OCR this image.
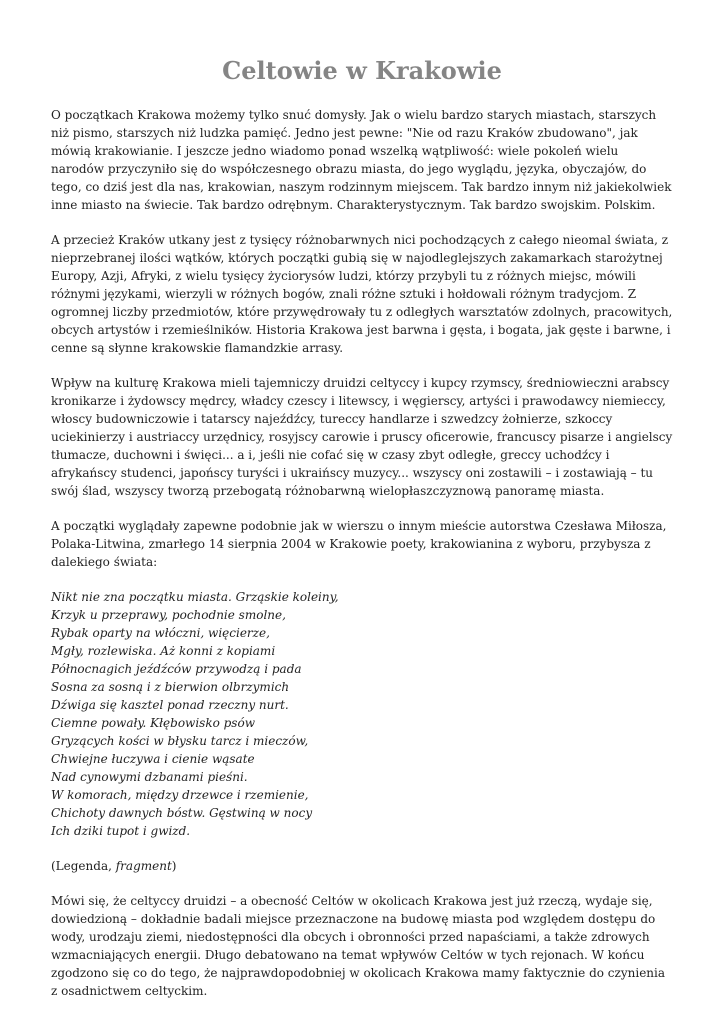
Celtowie w Krakowie

O początkach Krakowa możemy tylko snuć domysły. Jak o wielu bardzo starych miastach, starszych niż pismo, starszych niż ludzka pamięć. Jedno jest pewne: "Nie od razu Kraków zbudowano", jak mówią krakowianie. I jeszcze jedno wiadomo ponad wszelką wątpliwość: wiele pokoleń wielu narodów przyczyniło się do współczesnego obrazu miasta, do jego wyglądu, języka, obyczajów, do tego, co dziś jest dla nas, krakowian, naszym rodzinnym miejscem. Tak bardzo innym niż jakiekolwiek inne miasto na świecie. Tak bardzo odrębnym. Charakterystycznym. Tak bardzo swojskim. Polskim.

A przecież Kraków utkany jest z tysięcy różnobarwnych nici pochodzących z całego nieomal świata, z nieprzebranej ilości wątków, których początki gubią się w najodleglejszych zakamarkach starożytnej Europy, Azji, Afryki, z wielu tysięcy życiorysów ludzi, którzy przybyli tu z różnych miejsc, mówili różnymi językami, wierzyli w różnych bogów, znali różne sztuki i hołdowali różnym tradycjom. Z ogromnej liczby przedmiotów, które przywędrowały tu z odległych warsztatów zdolnych, pracowitych, obcych artystów i rzemieślników. Historia Krakowa jest barwna i gęsta, i bogata, jak gęste i barwne, i cenne są słynne krakowskie flamandzkie arrasy.

Wpływ na kulturę Krakowa mieli tajemniczy druidzi celtyccy i kupcy rzymscy, średniowieczni arabscy kronikarze i żydowscy mędrcy, władcy czescy i litewscy, i węgierscy, artyści i prawodawcy niemieccy, włoscy budowniczowie i tatarscy najeźdźcy, tureccy handlarze i szwedzcy żołnierze, szkoccy uciekinierzy i austriaccy urzędnicy, rosyjscy carowie i pruscy oficerowie, francuscy pisarze i angielscy tłumacze, duchowni i święci... a i, jeśli nie cofać się w czasy zbyt odległe, greccy uchodźcy i afrykańscy studenci, japońscy turyści i ukraińscy muzycy... wszyscy oni zostawili – i zostawiają – tu swój ślad, wszyscy tworzą przebogatą różnobarwną wielopłaszczyznową panoramę miasta.

A początki wyglądały zapewne podobnie jak w wierszu o innym mieście autorstwa Czesława Miłosza, Polaka-Litwina, zmarłego 14 sierpnia 2004 w Krakowie poety, krakowianina z wyboru, przybysza z dalekiego świata:

Nikt nie zna początku miasta. Grząskie koleiny,
Krzyk u przeprawy, pochodnie smolne,
Rybak oparty na włóczni, więcierze,
Mgły, rozlewiska. Aż konni z kopiami
Północnagich jeźdźców przywodzą i pada
Sosna za sosną i z bierwion olbrzymich
Dźwiga się kasztel ponad rzeczny nurt.
Ciemne powały. Kłębowisko psów
Gryzących kości w błysku tarcz i mieczów,
Chwiejne łuczywa i cienie wąsate
Nad cynowymi dzbanami pieśni.
W komorach, między drzewce i rzemienie,
Chichoty dawnych bóstw. Gęstwiną w nocy
Ich dziki tupot i gwizd.
(Legenda, fragment)

Mówi się, że celtyccy druidzi – a obecność Celtów w okolicach Krakowa jest już rzeczą, wydaje się, dowiedzioną – dokładnie badali miejsce przeznaczone na budowę miasta pod względem dostępu do wody, urodzaju ziemi, niedostępności dla obcych i obronności przed napaściami, a także zdrowych wzmacniających energii. Długo debatowano na temat wpływów Celtów w tych rejonach. W końcu zgodzono się co do tego, że najprawdopodobniej w okolicach Krakowa mamy faktycznie do czynienia z osadnictwem celtyckim.
